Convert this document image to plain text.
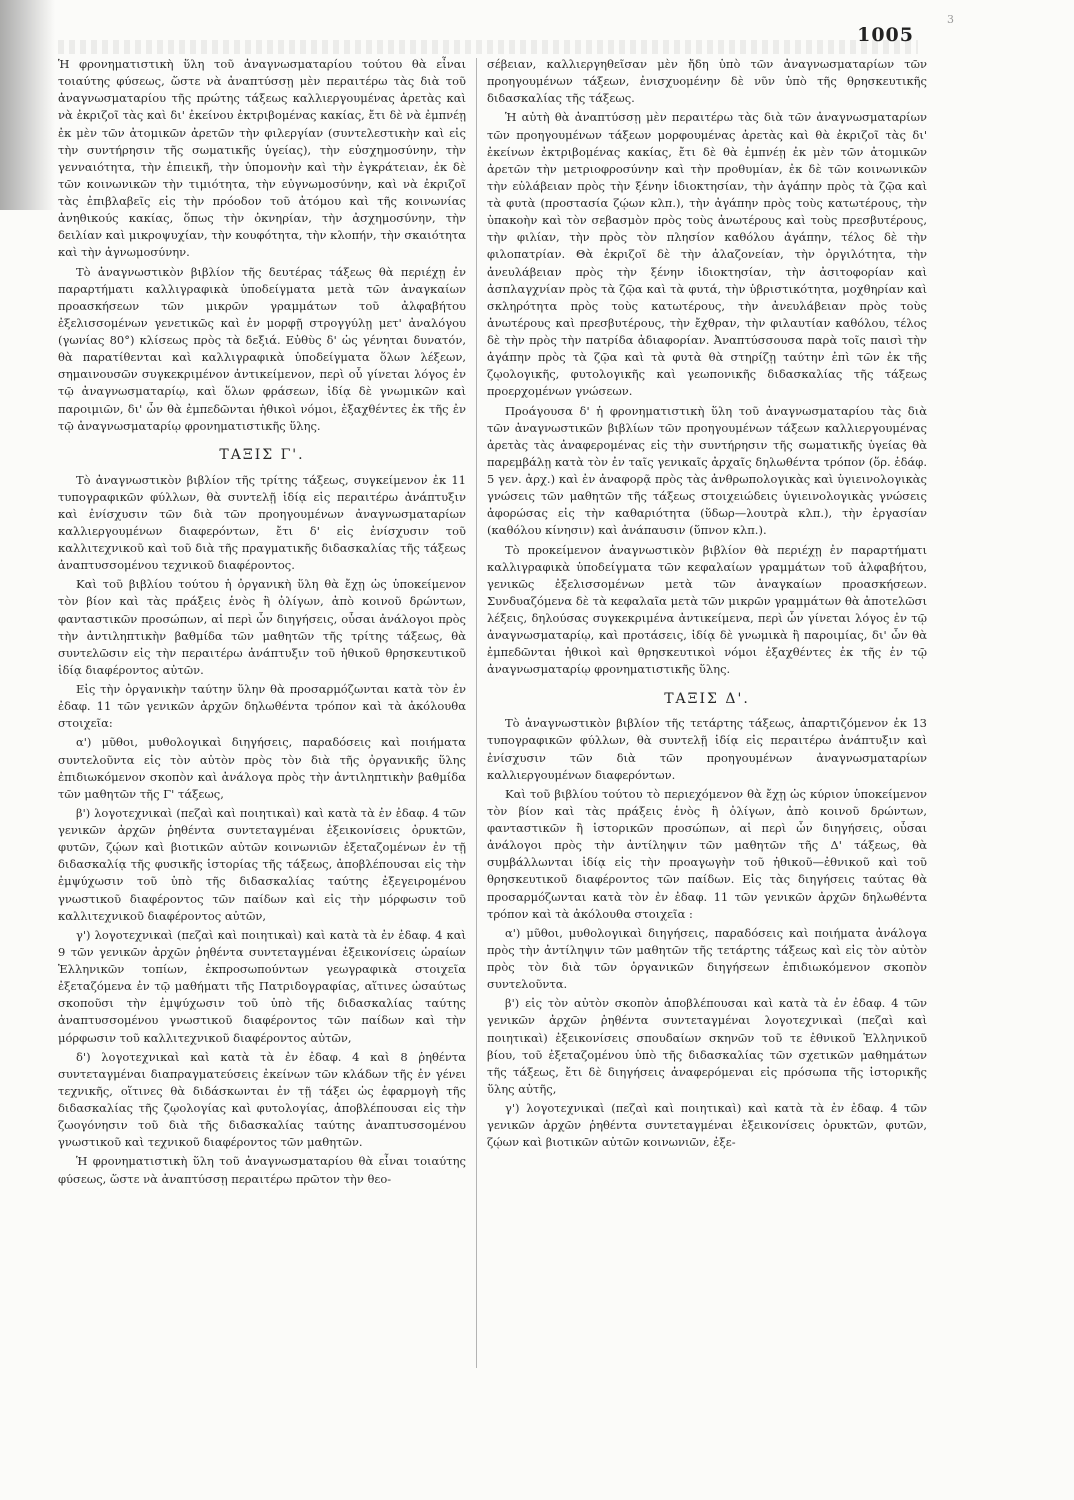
3
1005

Ἡ φρονηματιστικὴ ὕλη τοῦ ἀναγνωσματαρίου τούτου θὰ εἶναι τοιαύτης φύσεως, ὥστε νὰ ἀναπτύσσῃ μὲν περαιτέρω τὰς διὰ τοῦ ἀναγνωσματαρίου τῆς πρώτης τάξεως καλλιεργουμένας ἀρετὰς καὶ νὰ ἐκριζοῖ τὰς καὶ δι' ἐκείνου ἐκτριβομένας κακίας, ἔτι δὲ νὰ ἐμπνέῃ ἐκ μὲν τῶν ἀτομικῶν ἀρετῶν τὴν φιλεργίαν (συντελεστικὴν καὶ εἰς τὴν συντήρησιν τῆς σωματικῆς ὑγείας), τὴν εὐσχημοσύνην, τὴν γενναιότητα, τὴν ἐπιεικῆ, τὴν ὑπομονὴν καὶ τὴν ἐγκράτειαν, ἐκ δὲ τῶν κοινωνικῶν τὴν τιμιότητα, τὴν εὐγνωμοσύνην, καὶ νὰ ἐκριζοῖ τὰς ἐπιβλαβεῖς εἰς τὴν πρόοδον τοῦ ἀτόμου καὶ τῆς κοινωνίας ἀνηθικούς κακίας, ὅπως τὴν ὀκνηρίαν, τὴν ἀσχημοσύνην, τὴν δειλίαν καὶ μικροψυχίαν, τὴν κουφότητα, τὴν κλοπήν, τὴν σκαιότητα καὶ τὴν ἀγνωμοσύνην.

Τὸ ἀναγνωστικὸν βιβλίον τῆς δευτέρας τάξεως θὰ περιέχῃ ἐν παραρτήματι καλλιγραφικὰ ὑποδείγματα μετὰ τῶν ἀναγκαίων προασκήσεων τῶν μικρῶν γραμμάτων τοῦ ἀλφαβήτου ἐξελισσομένων γενετικῶς καὶ ἐν μορφῇ στρογγύλῃ μετ' ἀναλόγου (γωνίας 80°) κλίσεως πρὸς τὰ δεξιά. Εὐθὺς δ' ὡς γένηται δυνατόν, θὰ παρατίθενται καὶ καλλιγραφικὰ ὑποδείγματα ὅλων λέξεων, σημαινουσῶν συγκεκριμένον ἀντικείμενον, περὶ οὗ γίνεται λόγος ἐν τῷ ἀναγνωσματαρίῳ, καὶ ὅλων φράσεων, ἰδίᾳ δὲ γνωμικῶν καὶ παροιμιῶν, δι' ὧν θὰ ἐμπεδῶνται ἠθικοὶ νόμοι, ἐξαχθέντες ἐκ τῆς ἐν τῷ ἀναγνωσματαρίῳ φρονηματιστικῆς ὕλης.

ΤΑΞΙΣ Γ'.

Τὸ ἀναγνωστικὸν βιβλίον τῆς τρίτης τάξεως, συγκείμενον ἐκ 11 τυπογραφικῶν φύλλων, θὰ συντελῇ ἰδίᾳ εἰς περαιτέρω ἀνάπτυξιν καὶ ἐνίσχυσιν τῶν διὰ τῶν προηγουμένων ἀναγνωσματαρίων καλλιεργουμένων διαφερόντων, ἔτι δ' εἰς ἐνίσχυσιν τοῦ καλλιτεχνικοῦ καὶ τοῦ διὰ τῆς πραγματικῆς διδασκαλίας τῆς τάξεως ἀναπτυσσομένου τεχνικοῦ διαφέροντος.

Καὶ τοῦ βιβλίου τούτου ἡ ὀργανικὴ ὕλη θὰ ἔχῃ ὡς ὑποκείμενον τὸν βίον καὶ τὰς πράξεις ἑνὸς ἢ ὀλίγων, ἀπὸ κοινοῦ δρώντων, φανταστικῶν προσώπων, αἱ περὶ ὧν διηγήσεις, οὖσαι ἀνάλογοι πρὸς τὴν ἀντιληπτικὴν βαθμίδα τῶν μαθητῶν τῆς τρίτης τάξεως, θὰ συντελῶσιν εἰς τὴν περαιτέρω ἀνάπτυξιν τοῦ ἠθικοῦ θρησκευτικοῦ ἰδίᾳ διαφέροντος αὐτῶν.

Εἰς τὴν ὀργανικὴν ταύτην ὕλην θὰ προσαρμόζωνται κατὰ τὸν ἐν ἐδαφ. 11 τῶν γενικῶν ἀρχῶν δηλωθέντα τρόπον καὶ τὰ ἀκόλουθα στοιχεῖα:

α') μῦθοι, μυθολογικαὶ διηγήσεις, παραδόσεις καὶ ποιήματα συντελοῦντα εἰς τὸν αὐτὸν πρὸς τὸν διὰ τῆς ὀργανικῆς ὕλης ἐπιδιωκόμενον σκοπὸν καὶ ἀνάλογα πρὸς τὴν ἀντιληπτικὴν βαθμίδα τῶν μαθητῶν τῆς Γ' τάξεως,

β') λογοτεχνικαὶ (πεζαὶ καὶ ποιητικαὶ) καὶ κατὰ τὰ ἐν ἐδαφ. 4 τῶν γενικῶν ἀρχῶν ῥηθέντα συντεταγμέναι ἐξεικονίσεις ὀρυκτῶν, φυτῶν, ζῴων καὶ βιοτικῶν αὐτῶν κοινωνιῶν ἐξεταζομένων ἐν τῇ διδασκαλίᾳ τῆς φυσικῆς ἱστορίας τῆς τάξεως, ἀποβλέπουσαι εἰς τὴν ἐμψύχωσιν τοῦ ὑπὸ τῆς διδασκαλίας ταύτης ἐξεγειρομένου γνωστικοῦ διαφέροντος τῶν παίδων καὶ εἰς τὴν μόρφωσιν τοῦ καλλιτεχνικοῦ διαφέροντος αὐτῶν,

γ') λογοτεχνικαὶ (πεζαὶ καὶ ποιητικαὶ) καὶ κατὰ τὰ ἐν ἐδαφ. 4 καὶ 9 τῶν γενικῶν ἀρχῶν ῥηθέντα συντεταγμέναι ἐξεικονίσεις ὡραίων Ἑλληνικῶν τοπίων, ἐκπροσωπούντων γεωγραφικὰ στοιχεῖα ἐξεταζόμενα ἐν τῷ μαθήματι τῆς Πατριδογραφίας, αἵτινες ὡσαύτως σκοποῦσι τὴν ἐμψύχωσιν τοῦ ὑπὸ τῆς διδασκαλίας ταύτης ἀναπτυσσομένου γνωστικοῦ διαφέροντος τῶν παίδων καὶ τὴν μόρφωσιν τοῦ καλλιτεχνικοῦ διαφέροντος αὐτῶν,

δ') λογοτεχνικαὶ καὶ κατὰ τὰ ἐν ἐδαφ. 4 καὶ 8 ῥηθέντα συντεταγμέναι διαπραγματεύσεις ἐκείνων τῶν κλάδων τῆς ἐν γένει τεχνικῆς, οἵτινες θὰ διδάσκωνται ἐν τῇ τάξει ὡς ἐφαρμογὴ τῆς διδασκαλίας τῆς ζῳολογίας καὶ φυτολογίας, ἀποβλέπουσαι εἰς τὴν ζωογόνησιν τοῦ διὰ τῆς διδασκαλίας ταύτης ἀναπτυσσομένου γνωστικοῦ καὶ τεχνικοῦ διαφέροντος τῶν μαθητῶν.

Ἡ φρονηματιστικὴ ὕλη τοῦ ἀναγνωσματαρίου θὰ εἶναι τοιαύτης φύσεως, ὥστε νὰ ἀναπτύσσῃ περαιτέρω πρῶτον τὴν θεο-

σέβειαν, καλλιεργηθεῖσαν μὲν ἤδη ὑπὸ τῶν ἀναγνωσματαρίων τῶν προηγουμένων τάξεων, ἐνισχυομένην δὲ νῦν ὑπὸ τῆς θρησκευτικῆς διδασκαλίας τῆς τάξεως.

Ἡ αὐτὴ θὰ ἀναπτύσσῃ μὲν περαιτέρω τὰς διὰ τῶν ἀναγνωσματαρίων τῶν προηγουμένων τάξεων μορφουμένας ἀρετὰς καὶ θὰ ἐκριζοῖ τὰς δι' ἐκείνων ἐκτριβομένας κακίας, ἔτι δὲ θὰ ἐμπνέῃ ἐκ μὲν τῶν ἀτομικῶν ἀρετῶν τὴν μετριοφροσύνην καὶ τὴν προθυμίαν, ἐκ δὲ τῶν κοινωνικῶν τὴν εὐλάβειαν πρὸς τὴν ξένην ἰδιοκτησίαν, τὴν ἀγάπην πρὸς τὰ ζῷα καὶ τὰ φυτὰ (προστασία ζῴων κλπ.), τὴν ἀγάπην πρὸς τοὺς κατωτέρους, τὴν ὑπακοὴν καὶ τὸν σεβασμὸν πρὸς τοὺς ἀνωτέρους καὶ τοὺς πρεσβυτέρους, τὴν φιλίαν, τὴν πρὸς τὸν πλησίον καθόλου ἀγάπην, τέλος δὲ τὴν φιλοπατρίαν. Θὰ ἐκριζοῖ δὲ τὴν ἀλαζονείαν, τὴν ὀργιλότητα, τὴν ἀνευλάβειαν πρὸς τὴν ξένην ἰδιοκτησίαν, τὴν ἀσιτοφορίαν καὶ ἀσπλαγχνίαν πρὸς τὰ ζῷα καὶ τὰ φυτά, τὴν ὑβριστικότητα, μοχθηρίαν καὶ σκληρότητα πρὸς τοὺς κατωτέρους, τὴν ἀνευλάβειαν πρὸς τοὺς ἀνωτέρους καὶ πρεσβυτέρους, τὴν ἔχθραν, τὴν φιλαυτίαν καθόλου, τέλος δὲ τὴν πρὸς τὴν πατρίδα ἀδιαφορίαν. Ἀναπτύσσουσα παρὰ τοῖς παισὶ τὴν ἀγάπην πρὸς τὰ ζῷα καὶ τὰ φυτὰ θὰ στηρίζῃ ταύτην ἐπὶ τῶν ἐκ τῆς ζῳολογικῆς, φυτολογικῆς καὶ γεωπονικῆς διδασκαλίας τῆς τάξεως προερχομένων γνώσεων.

Προάγουσα δ' ἡ φρονηματιστικὴ ὕλη τοῦ ἀναγνωσματαρίου τὰς διὰ τῶν ἀναγνωστικῶν βιβλίων τῶν προηγουμένων τάξεων καλλιεργουμένας ἀρετὰς τὰς ἀναφερομένας εἰς τὴν συντήρησιν τῆς σωματικῆς ὑγείας θὰ παρεμβάλῃ κατὰ τὸν ἐν ταῖς γενικαῖς ἀρχαῖς δηλωθέντα τρόπον (ὅρ. ἐδάφ. 5 γεν. ἀρχ.) καὶ ἐν ἀναφορᾷ πρὸς τὰς ἀνθρωπολογικὰς καὶ ὑγιεινολογικὰς γνώσεις τῶν μαθητῶν τῆς τάξεως στοιχειώδεις ὑγιεινολογικὰς γνώσεις ἀφορώσας εἰς τὴν καθαριότητα (ὕδωρ—λουτρὰ κλπ.), τὴν ἐργασίαν (καθόλου κίνησιν) καὶ ἀνάπαυσιν (ὕπνον κλπ.).

Τὸ προκείμενον ἀναγνωστικὸν βιβλίον θὰ περιέχῃ ἐν παραρτήματι καλλιγραφικὰ ὑποδείγματα τῶν κεφαλαίων γραμμάτων τοῦ ἀλφαβήτου, γενικῶς ἐξελισσομένων μετὰ τῶν ἀναγκαίων προασκήσεων. Συνδυαζόμενα δὲ τὰ κεφαλαῖα μετὰ τῶν μικρῶν γραμμάτων θὰ ἀποτελῶσι λέξεις, δηλούσας συγκεκριμένα ἀντικείμενα, περὶ ὧν γίνεται λόγος ἐν τῷ ἀναγνωσματαρίῳ, καὶ προτάσεις, ἰδίᾳ δὲ γνωμικὰ ἢ παροιμίας, δι' ὧν θὰ ἐμπεδῶνται ἠθικοὶ καὶ θρησκευτικοὶ νόμοι ἐξαχθέντες ἐκ τῆς ἐν τῷ ἀναγνωσματαρίῳ φρονηματιστικῆς ὕλης.

ΤΑΞΙΣ Δ'.

Τὸ ἀναγνωστικὸν βιβλίον τῆς τετάρτης τάξεως, ἀπαρτιζόμενον ἐκ 13 τυπογραφικῶν φύλλων, θὰ συντελῇ ἰδίᾳ εἰς περαιτέρω ἀνάπτυξιν καὶ ἐνίσχυσιν τῶν διὰ τῶν προηγουμένων ἀναγνωσματαρίων καλλιεργουμένων διαφερόντων.

Καὶ τοῦ βιβλίου τούτου τὸ περιεχόμενον θὰ ἔχῃ ὡς κύριον ὑποκείμενον τὸν βίον καὶ τὰς πράξεις ἑνὸς ἢ ὀλίγων, ἀπὸ κοινοῦ δρώντων, φανταστικῶν ἢ ἱστορικῶν προσώπων, αἱ περὶ ὧν διηγήσεις, οὖσαι ἀνάλογοι πρὸς τὴν ἀντίληψιν τῶν μαθητῶν τῆς Δ' τάξεως, θὰ συμβάλλωνται ἰδίᾳ εἰς τὴν προαγωγὴν τοῦ ἠθικοῦ—ἐθνικοῦ καὶ τοῦ θρησκευτικοῦ διαφέροντος τῶν παίδων. Εἰς τὰς διηγήσεις ταύτας θὰ προσαρμόζωνται κατὰ τὸν ἐν ἐδαφ. 11 τῶν γενικῶν ἀρχῶν δηλωθέντα τρόπον καὶ τὰ ἀκόλουθα στοιχεῖα :

α') μῦθοι, μυθολογικαὶ διηγήσεις, παραδόσεις καὶ ποιήματα ἀνάλογα πρὸς τὴν ἀντίληψιν τῶν μαθητῶν τῆς τετάρτης τάξεως καὶ εἰς τὸν αὐτὸν πρὸς τὸν διὰ τῶν ὀργανικῶν διηγήσεων ἐπιδιωκόμενον σκοπὸν συντελοῦντα.

β') εἰς τὸν αὐτὸν σκοπὸν ἀποβλέπουσαι καὶ κατὰ τὰ ἐν ἐδαφ. 4 τῶν γενικῶν ἀρχῶν ῥηθέντα συντεταγμέναι λογοτεχνικαὶ (πεζαὶ καὶ ποιητικαὶ) ἐξεικονίσεις σπουδαίων σκηνῶν τοῦ τε ἐθνικοῦ Ἑλληνικοῦ βίου, τοῦ ἐξεταζομένου ὑπὸ τῆς διδασκαλίας τῶν σχετικῶν μαθημάτων τῆς τάξεως, ἔτι δὲ διηγήσεις ἀναφερόμεναι εἰς πρόσωπα τῆς ἱστορικῆς ὕλης αὐτῆς,

γ') λογοτεχνικαὶ (πεζαὶ καὶ ποιητικαὶ) καὶ κατὰ τὰ ἐν ἐδαφ. 4 τῶν γενικῶν ἀρχῶν ῥηθέντα συντεταγμέναι ἐξεικονίσεις ὀρυκτῶν, φυτῶν, ζῴων καὶ βιοτικῶν αὐτῶν κοινωνιῶν, ἐξε-
